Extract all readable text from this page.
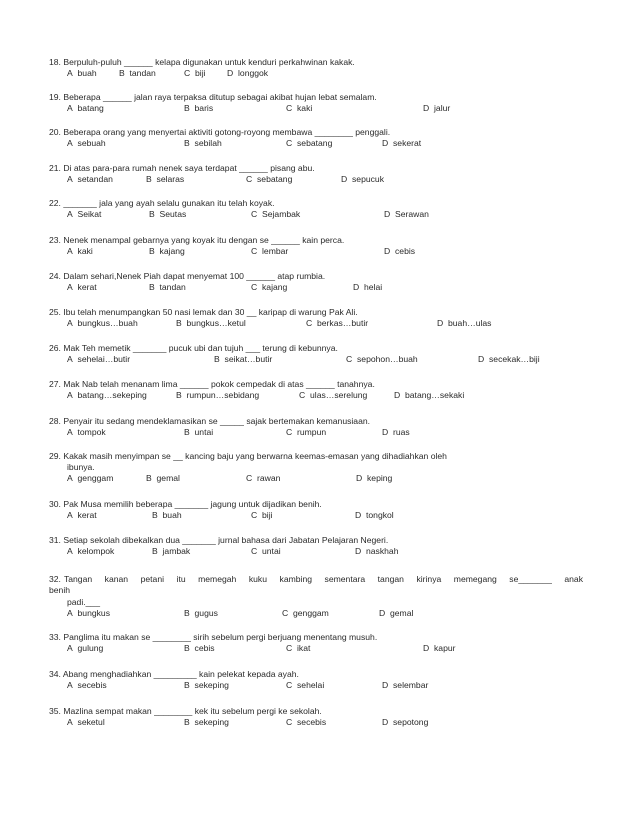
18. Berpuluh-puluh ______ kelapa digunakan untuk kenduri perkahwinan kakak.
A buah	B tandan	C biji D longgok
19. Beberapa ______ jalan raya terpaksa ditutup sebagai akibat hujan lebat semalam.
A batang	B baris	C kaki	D jalur
20. Beberapa orang yang menyertai aktiviti gotong-royong membawa ________ penggali.
A sebuah	B sebilah	C sebatang	D sekerat
21. Di atas para-para rumah nenek saya terdapat ______ pisang abu.
A setandan	B selaras	C sebatang	D sepucuk
22. _______ jala yang ayah selalu gunakan itu telah koyak.
A Seikat	B Seutas	C Sejambak	D Serawan
23. Nenek menampal gebarnya yang koyak itu dengan se ______ kain perca.
A kaki	B kajang	C lembar	D cebis
24. Dalam sehari,Nenek Piah dapat menyemat 100 ______ atap rumbia.
A kerat	B tandan	C kajang	D helai
25. Ibu telah menumpangkan 50 nasi lemak dan 30 __ karipap di warung Pak Ali.
A bungkus…buah	B bungkus…ketul	C berkas…butir	D buah…ulas
26. Mak Teh memetik _______ pucuk ubi dan tujuh ___ terung di kebunnya.
A sehelai…butir	B seikat…butir	C sepohon…buah	D secekak…biji
27. Mak Nab telah menanam lima ______ pokok cempedak di atas ______ tanahnya.
A batang…sekeping	B rumpun…sebidang	C ulas…serelung	D batang…sekaki
28. Penyair itu sedang mendeklamasikan se _____ sajak bertemakan kemanusiaan.
A tompok	B untai	C rumpun	D ruas
29. Kakak masih menyimpan se __ kancing baju yang berwarna keemas-emasan yang dihadiahkan oleh
ibunya.
A genggam	B gemal	C rawan	D keping
30. Pak Musa memilih beberapa _______ jagung untuk dijadikan benih.
A kerat	B buah	C biji	D tongkol
31. Setiap sekolah dibekalkan dua _______ jurnal bahasa dari Jabatan Pelajaran Negeri.
A kelompok	B jambak	C untai	D naskhah
32. Tangan kanan petani itu memegah kuku kambing sementara tangan kirinya memegang se_______ anak
benih
padi.___
A bungkus	B gugus	C genggam	D gemal
33. Panglima itu makan se ________ sirih sebelum pergi berjuang menentang musuh.
A gulung	B cebis	C ikat	D kapur
34. Abang menghadiahkan _________ kain pelekat kepada ayah.
A secebis	B sekeping	C sehelai	D selembar
35. Mazlina sempat makan ________ kek itu sebelum pergi ke sekolah.
A seketul	B sekeping	C secebis	D sepotong
